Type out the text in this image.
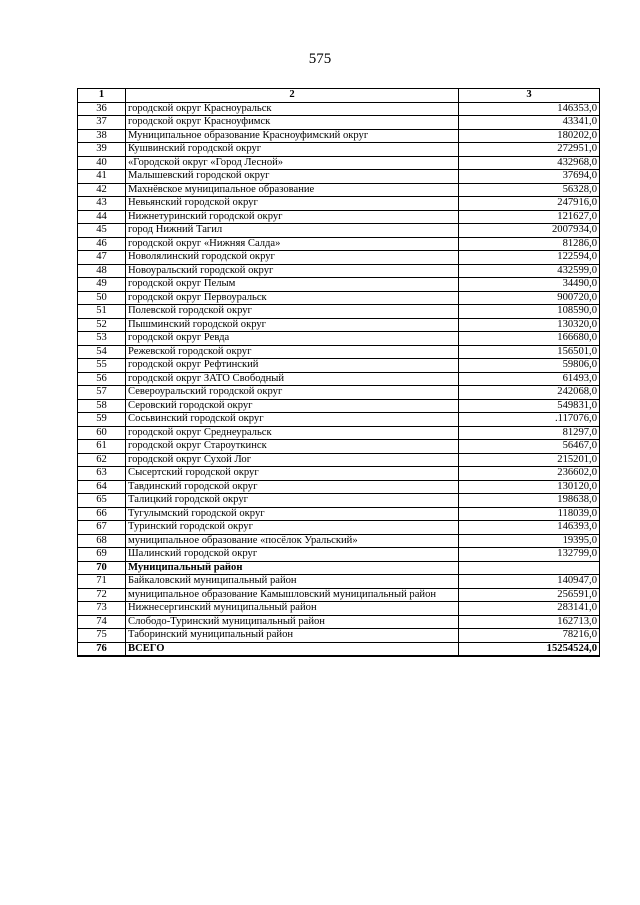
575
1	2	3
36	городской округ Красноуральск	146353,0
37	городской округ Красноуфимск	43341,0
38	Муниципальное образование Красноуфимский округ	180202,0
39	Кушвинский городской округ	272951,0
40	«Городской округ «Город Лесной»	432968,0
41	Малышевский городской округ	37694,0
42	Махнёвское муниципальное образование	56328,0
43	Невьянский городской округ	247916,0
44	Нижнетуринский городской округ	121627,0
45	город Нижний Тагил	2007934,0
46	городской округ «Нижняя Салда»	81286,0
47	Новолялинский городской округ	122594,0
48	Новоуральский городской округ	432599,0
49	городской округ Пелым	34490,0
50	городской округ Первоуральск	900720,0
51	Полевской городской округ	108590,0
52	Пышминский городской округ	130320,0
53	городской округ Ревда	166680,0
54	Режевской городской округ	156501,0
55	городской округ Рефтинский	59806,0
56	городской округ ЗАТО Свободный	61493,0
57	Североуральский городской округ	242068,0
58	Серовский городской округ	549831,0
59	Сосьвинский городской округ	.117076,0
60	городской округ Среднеуральск	81297,0
61	городской округ Староуткинск	56467,0
62	городской округ Сухой Лог	215201,0
63	Сысертский городской округ	236602,0
64	Тавдинский городской округ	130120,0
65	Талицкий городской округ	198638,0
66	Тугулымский городской округ	118039,0
67	Туринский городской округ	146393,0
68	муниципальное образование «посёлок Уральский»	19395,0
69	Шалинский городской округ	132799,0
70	Муниципальный район	
71	Байкаловский муниципальный район	140947,0
72	муниципальное образование Камышловский муниципальный район	256591,0
73	Нижнесергинский муниципальный район	283141,0
74	Слободо-Туринский муниципальный район	162713,0
75	Таборинский муниципальный район	78216,0
76	ВСЕГО	15254524,0
